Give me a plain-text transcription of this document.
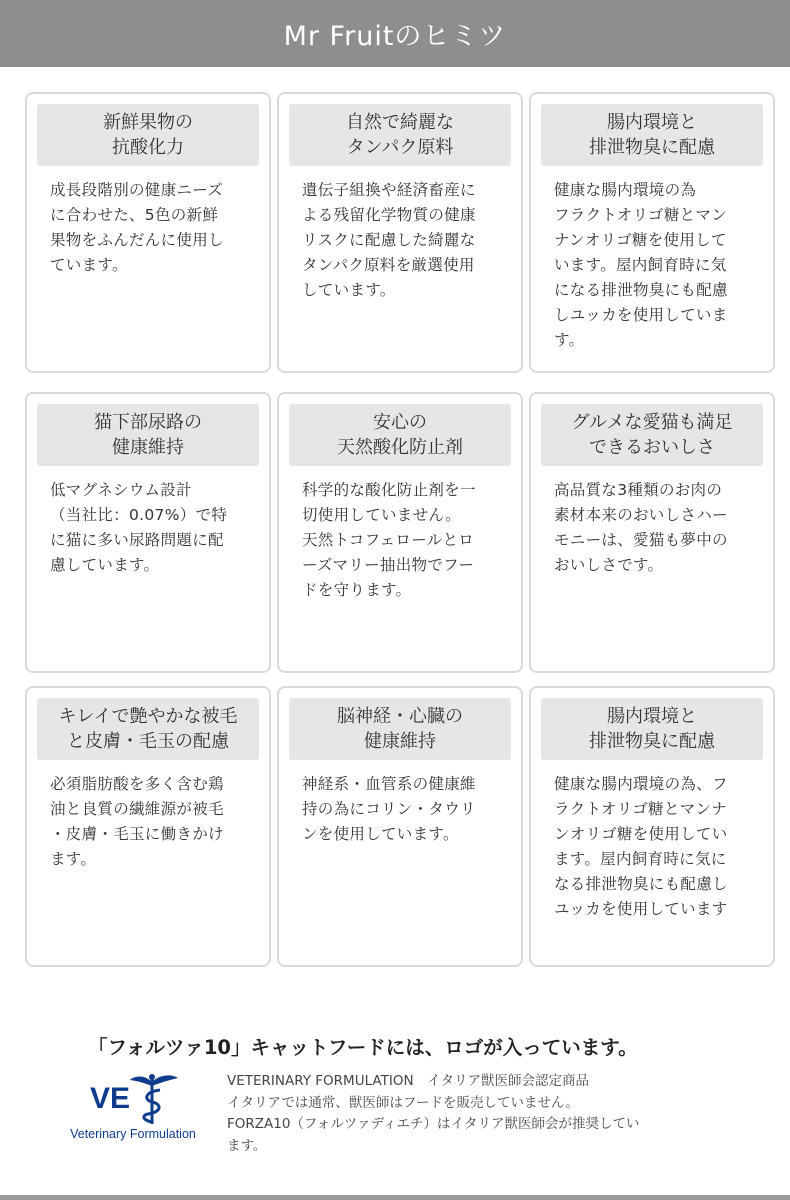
Mr Fruitのヒミツ
新鮮果物の
抗酸化力
成長段階別の健康ニーズ
に合わせた、5色の新鮮
果物をふんだんに使用し
ています。
自然で綺麗な
タンパク原料
遺伝子組換や経済畜産に
よる残留化学物質の健康
リスクに配慮した綺麗な
タンパク原料を厳選使用
しています。
腸内環境と
排泄物臭に配慮
健康な腸内環境の為
フラクトオリゴ糖とマン
ナンオリゴ糖を使用して
います。屋内飼育時に気
になる排泄物臭にも配慮
しユッカを使用していま
す。
猫下部尿路の
健康維持
低マグネシウム設計
（当社比：0.07%）で特
に猫に多い尿路問題に配
慮しています。
安心の
天然酸化防止剤
科学的な酸化防止剤を一
切使用していません。
天然トコフェロールとロ
ーズマリー抽出物でフー
ドを守ります。
グルメな愛猫も満足
できるおいしさ
高品質な3種類のお肉の
素材本来のおいしさハー
モニーは、愛猫も夢中の
おいしさです。
キレイで艶やかな被毛
と皮膚・毛玉の配慮
必須脂肪酸を多く含む鶏
油と良質の繊維源が被毛
・皮膚・毛玉に働きかけ
ます。
脳神経・心臓の
健康維持
神経系・血管系の健康維
持の為にコリン・タウリ
ンを使用しています。
腸内環境と
排泄物臭に配慮
健康な腸内環境の為、フ
ラクトオリゴ糖とマンナ
ンオリゴ糖を使用してい
ます。屋内飼育時に気に
なる排泄物臭にも配慮し
ユッカを使用しています
「フォルツァ10」キャットフードには、ロゴが入っています。
VE
Veterinary Formulation
VETERINARY FORMULATION　イタリア獣医師会認定商品
イタリアでは通常、獣医師はフードを販売していません。
FORZA10（フォルツァディエチ）はイタリア獣医師会が推奨してい
ます。
